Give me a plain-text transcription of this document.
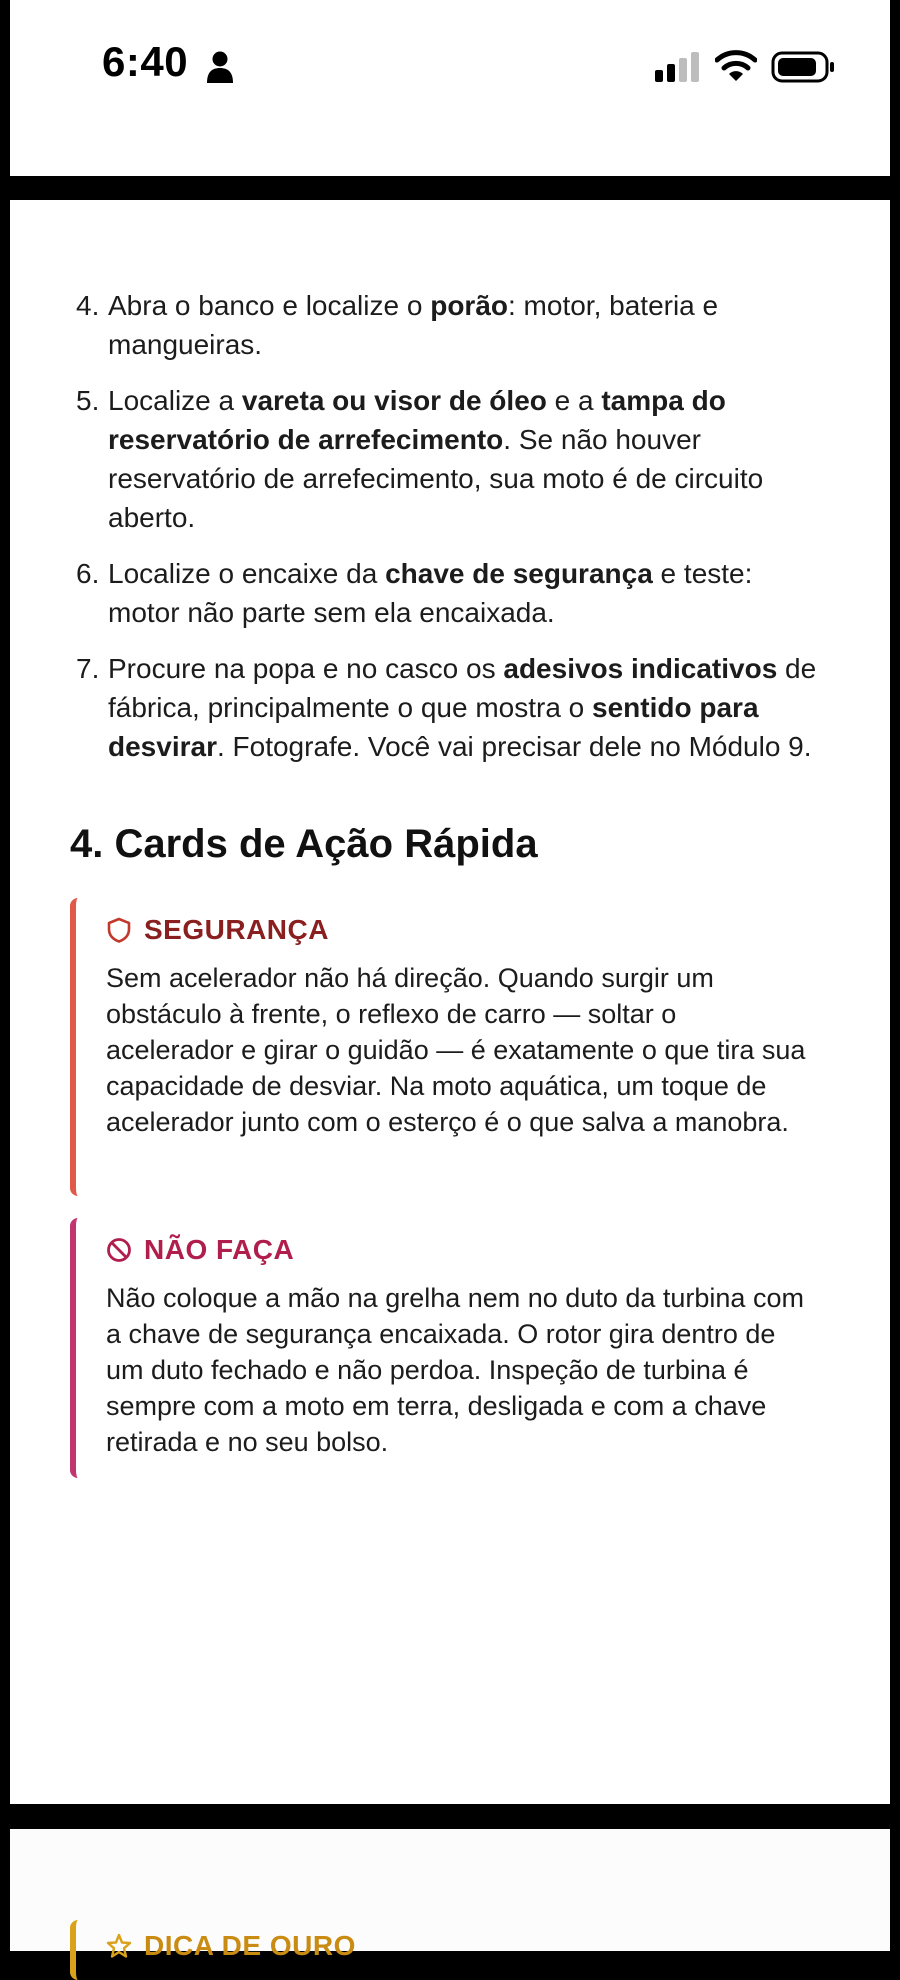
6:40
4. Abra o banco e localize o porão: motor, bateria e mangueiras.
5. Localize a vareta ou visor de óleo e a tampa do reservatório de arrefecimento. Se não houver reservatório de arrefecimento, sua moto é de circuito aberto.
6. Localize o encaixe da chave de segurança e teste: motor não parte sem ela encaixada.
7. Procure na popa e no casco os adesivos indicativos de fábrica, principalmente o que mostra o sentido para desvirar. Fotografe. Você vai precisar dele no Módulo 9.
4. Cards de Ação Rápida
SEGURANÇA
Sem acelerador não há direção. Quando surgir um obstáculo à frente, o reflexo de carro — soltar o acelerador e girar o guidão — é exatamente o que tira sua capacidade de desviar. Na moto aquática, um toque de acelerador junto com o esterço é o que salva a manobra.
NÃO FAÇA
Não coloque a mão na grelha nem no duto da turbina com a chave de segurança encaixada. O rotor gira dentro de um duto fechado e não perdoa. Inspeção de turbina é sempre com a moto em terra, desligada e com a chave retirada e no seu bolso.
DICA DE OURO
